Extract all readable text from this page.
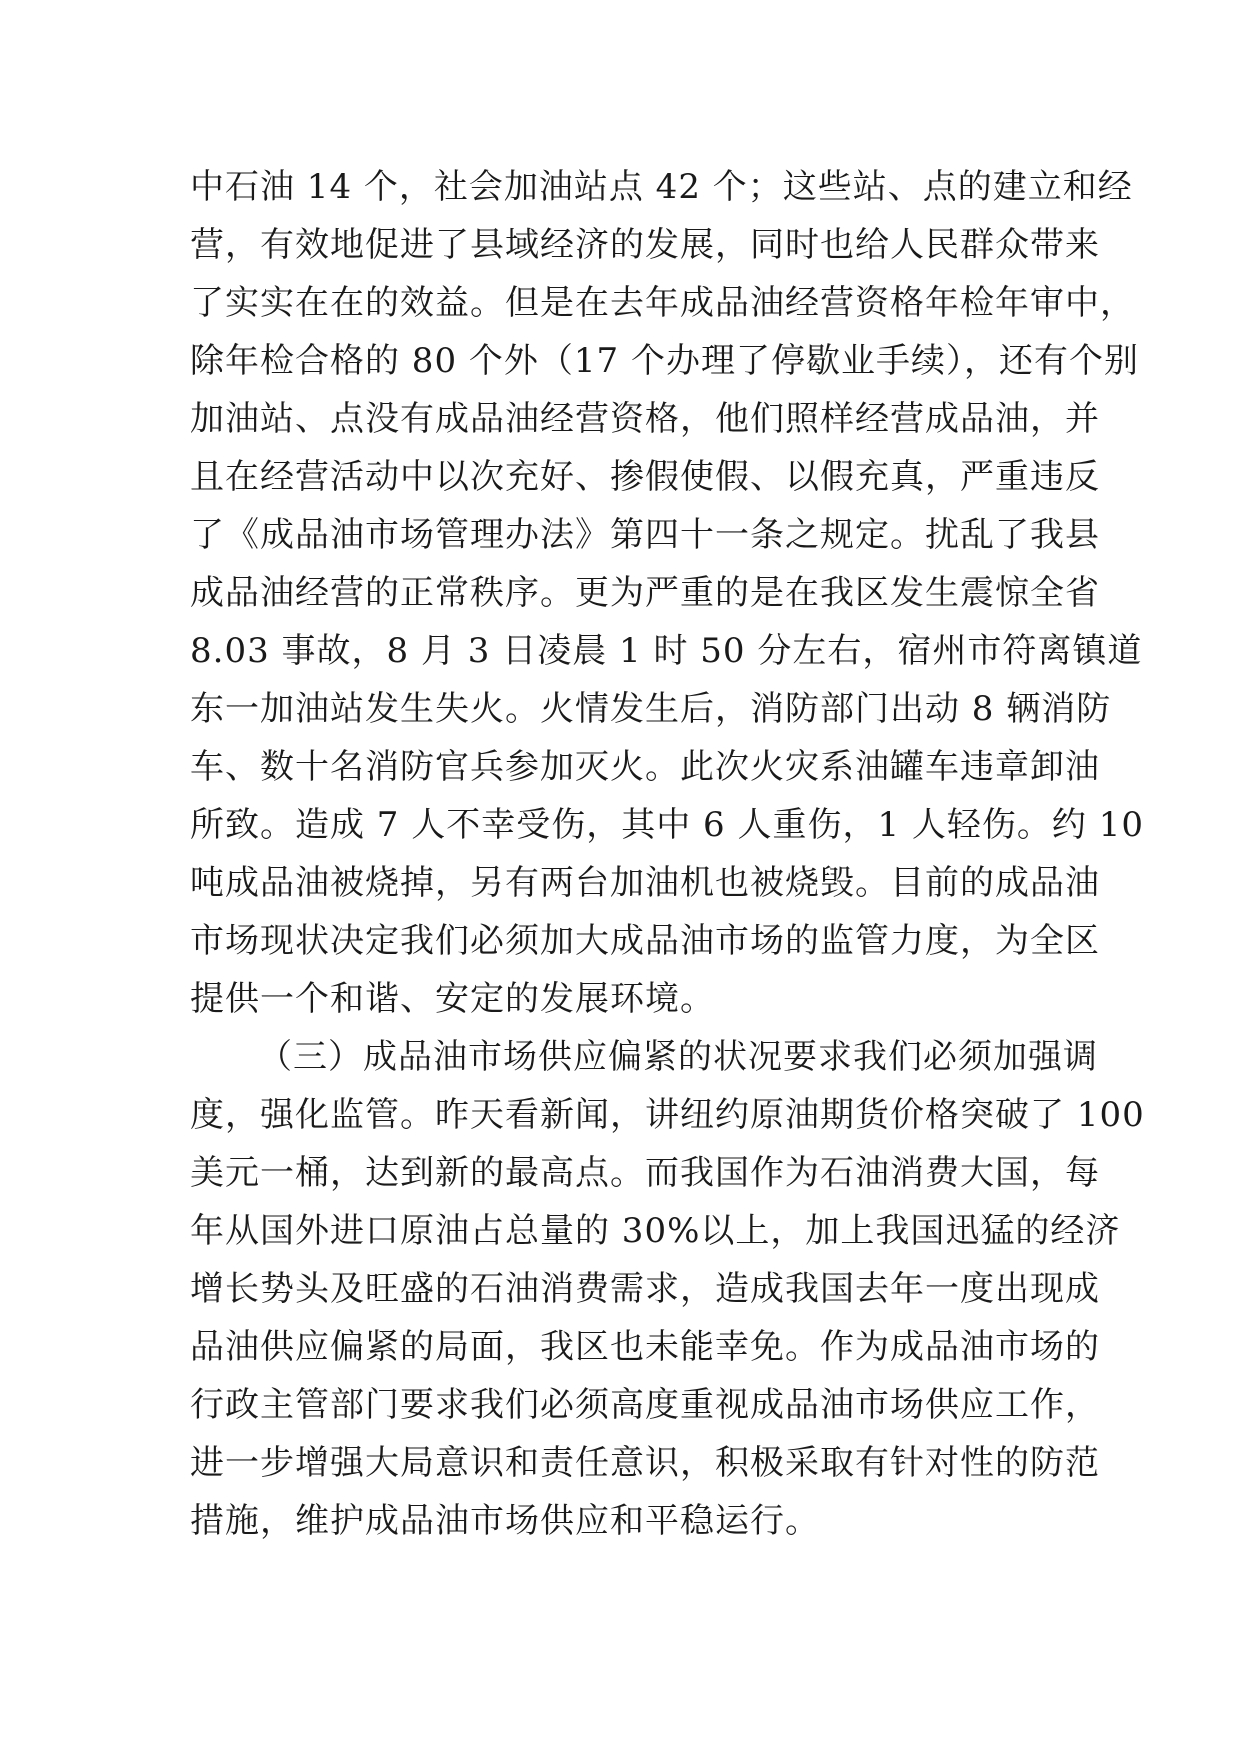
中石油 14 个，社会加油站点 42 个；这些站、点的建立和经
营，有效地促进了县域经济的发展，同时也给人民群众带来
了实实在在的效益。但是在去年成品油经营资格年检年审中，
除年检合格的 80 个外（17 个办理了停歇业手续），还有个别
加油站、点没有成品油经营资格，他们照样经营成品油，并
且在经营活动中以次充好、掺假使假、以假充真，严重违反
了《成品油市场管理办法》第四十一条之规定。扰乱了我县
成品油经营的正常秩序。更为严重的是在我区发生震惊全省
8.03 事故，8 月 3 日凌晨 1 时 50 分左右，宿州市符离镇道
东一加油站发生失火。火情发生后，消防部门出动 8 辆消防
车、数十名消防官兵参加灭火。此次火灾系油罐车违章卸油
所致。造成 7 人不幸受伤，其中 6 人重伤，1 人轻伤。约 10
吨成品油被烧掉，另有两台加油机也被烧毁。目前的成品油
市场现状决定我们必须加大成品油市场的监管力度，为全区
提供一个和谐、安定的发展环境。
（三）成品油市场供应偏紧的状况要求我们必须加强调
度，强化监管。昨天看新闻，讲纽约原油期货价格突破了 100
美元一桶，达到新的最高点。而我国作为石油消费大国，每
年从国外进口原油占总量的 30%以上，加上我国迅猛的经济
增长势头及旺盛的石油消费需求，造成我国去年一度出现成
品油供应偏紧的局面，我区也未能幸免。作为成品油市场的
行政主管部门要求我们必须高度重视成品油市场供应工作，
进一步增强大局意识和责任意识，积极采取有针对性的防范
措施，维护成品油市场供应和平稳运行。
